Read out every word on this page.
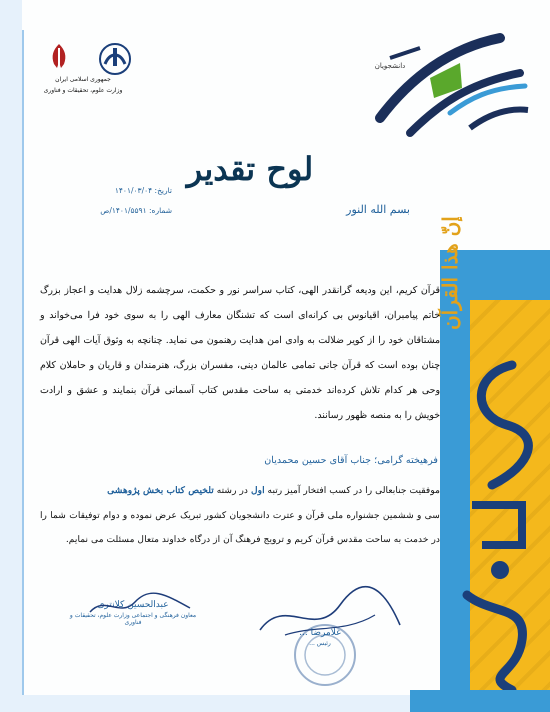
جمهوری اسلامی ایران
وزارت علوم، تحقیقات و فناوری
دانشجویان
لوح تقدیر
تاریخ: ۱۴۰۱/۰۳/۰۴
شماره: ۱۴۰۱/۵۵۹۱/ص	بسم الله النور
إنّ هذا القرآن
قرآن کریم، این ودیعه گرانقدر الهی، کتاب سراسر نور و حکمت، سرچشمه زلال هدایت و اعجاز بزرگ خاتم پیامبران، اقیانوس بی کرانه‌ای است که تشنگان معارف الهی را به سوی خود فرا می‌خواند و مشتاقان خود را از کویر ضلالت به وادی امن هدایت رهنمون می نماید. چنانچه به وثوق آیات الهی قرآن چنان بوده است که قرآن جانی تمامی عالمان دینی، مفسران بزرگ، هنرمندان و قاریان و حاملان کلام وحی هر کدام تلاش کرده‌اند خدمتی به ساحت مقدس کتاب آسمانی قرآن بنمایند و عشق و ارادت خویش را به منصه ظهور رسانند.
فرهیخته گرامی؛ جناب آقای حسین محمدیان
موفقیت جنابعالی را در کسب افتخار آمیز رتبه اول در رشته تلخیص کتاب بخش پژوهشی
سی و ششمین جشنواره ملی قرآن و عترت دانشجویان کشور تبریک عرض نموده و دوام توفیقات شما را در خدمت به ساحت مقدس قرآن کریم و ترویج فرهنگ آن از درگاه خداوند متعال مسئلت می نمایم.
عبدالحسین کلانتری
معاون فرهنگی و اجتماعی وزارت علوم، تحقیقات و فناوری
غلامرضا ...
رئیس ...
